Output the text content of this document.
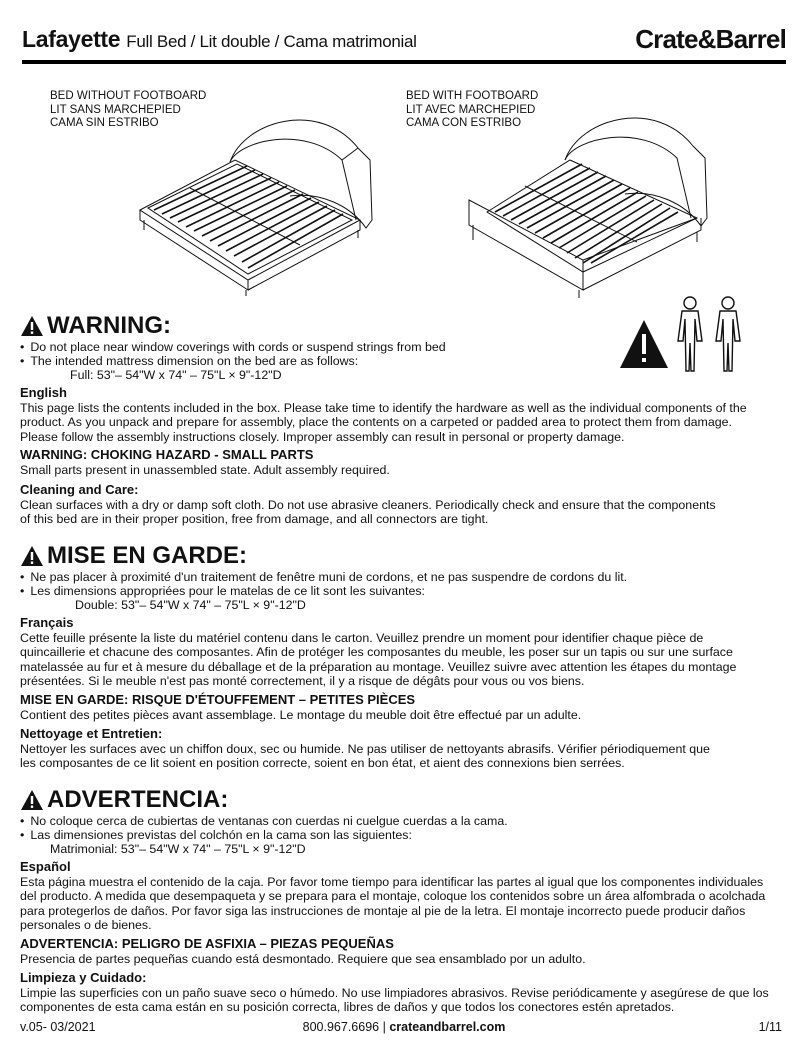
Lafayette Full Bed / Lit double / Cama matrimonial	Crate&Barrel
BED WITHOUT FOOTBOARD
LIT SANS MARCHEPIED
CAMA SIN ESTRIBO
BED WITH FOOTBOARD
LIT AVEC MARCHEPIED
CAMA CON ESTRIBO
WARNING:
• Do not place near window coverings with cords or suspend strings from bed
• The intended mattress dimension on the bed are as follows:
Full: 53"– 54"W x 74" – 75"L × 9"-12"D
English
This page lists the contents included in the box. Please take time to identify the hardware as well as the individual components of the
product. As you unpack and prepare for assembly, place the contents on a carpeted or padded area to protect them from damage.
Please follow the assembly instructions closely. Improper assembly can result in personal or property damage.
WARNING: CHOKING HAZARD - SMALL PARTS
Small parts present in unassembled state. Adult assembly required.
Cleaning and Care:
Clean surfaces with a dry or damp soft cloth. Do not use abrasive cleaners. Periodically check and ensure that the components
of this bed are in their proper position, free from damage, and all connectors are tight.
MISE EN GARDE:
• Ne pas placer à proximité d'un traitement de fenêtre muni de cordons, et ne pas suspendre de cordons du lit.
• Les dimensions appropriées pour le matelas de ce lit sont les suivantes:
Double: 53"– 54"W x 74" – 75"L × 9"-12"D
Français
Cette feuille présente la liste du matériel contenu dans le carton. Veuillez prendre un moment pour identifier chaque pièce de
quincaillerie et chacune des composantes. Afin de protéger les composantes du meuble, les poser sur un tapis ou sur une surface
matelassée au fur et à mesure du déballage et de la préparation au montage. Veuillez suivre avec attention les étapes du montage
présentées. Si le meuble n'est pas monté correctement, il y a risque de dégâts pour vous ou vos biens.
MISE EN GARDE: RISQUE D'ÉTOUFFEMENT – PETITES PIÈCES
Contient des petites pièces avant assemblage. Le montage du meuble doit être effectué par un adulte.
Nettoyage et Entretien:
Nettoyer les surfaces avec un chiffon doux, sec ou humide. Ne pas utiliser de nettoyants abrasifs. Vérifier périodiquement que
les composantes de ce lit soient en position correcte, soient en bon état, et aient des connexions bien serrées.
ADVERTENCIA:
• No coloque cerca de cubiertas de ventanas con cuerdas ni cuelgue cuerdas a la cama.
• Las dimensiones previstas del colchón en la cama son las siguientes:
Matrimonial: 53"– 54"W x 74" – 75"L × 9"-12"D
Español
Esta página muestra el contenido de la caja. Por favor tome tiempo para identificar las partes al igual que los componentes individuales
del producto. A medida que desempaqueta y se prepara para el montaje, coloque los contenidos sobre un área alfombrada o acolchada
para protegerlos de daños. Por favor siga las instrucciones de montaje al pie de la letra. El montaje incorrecto puede producir daños
personales o de bienes.
ADVERTENCIA: PELIGRO DE ASFIXIA – PIEZAS PEQUEÑAS
Presencia de partes pequeñas cuando está desmontado. Requiere que sea ensamblado por un adulto.
Limpieza y Cuidado:
Limpie las superficies con un paño suave seco o húmedo. No use limpiadores abrasivos. Revise periódicamente y asegúrese de que los
componentes de esta cama están en su posición correcta, libres de daños y que todos los conectores estén apretados.
v.05- 03/2021	800.967.6696 | crateandbarrel.com	1/11
